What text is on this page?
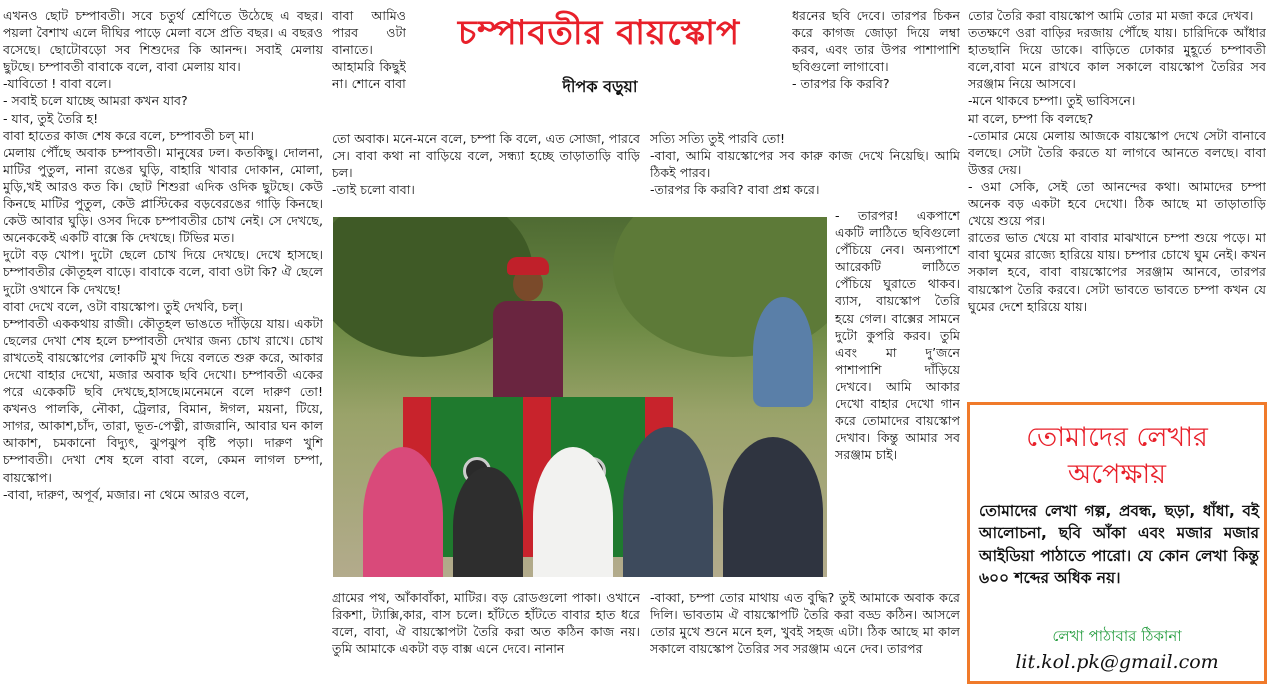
এখনও ছোট চম্পাবতী। সবে চতুর্থ শ্রেণিতে উঠেছে এ বছর। পয়লা বৈশাখ এলে দীঘির পাড়ে মেলা বসে প্রতি বছর। এ বছরও বসেছে। ছোটোবড়ো সব শিশুদের কি আনন্দ। সবাই মেলায় ছুটছে। চম্পাবতী বাবাকে বলে, বাবা মেলায় যাব।

-যাবিতো ! বাবা বলে।

- সবাই চলে যাচ্ছে আমরা কখন যাব?

- যাব, তুই তৈরি হ!

বাবা হাতের কাজ শেষ করে বলে, চম্পাবতী চল্ মা।

মেলায় পৌঁছে অবাক চম্পাবতী। মানুষের ঢল। কতকিছু। দোলনা, মাটির পুতুল, নানা রঙের ঘুড়ি, বাহারি খাবার দোকান, মোলা, মুড়ি,খই আরও কত কি। ছোট শিশুরা এদিক ওদিক ছুটছে। কেউ কিনছে মাটির পুতুল, কেউ প্লাস্টিকের বড়বেরঙের গাড়ি কিনছে। কেউ আবার ঘুড়ি। ওসব দিকে চম্পাবতীর চোখ নেই। সে দেখছে, অনেককেই একটি বাক্সে কি দেখছে। টিভির মত।

দুটো বড় খোপ। দুটো ছেলে চোখ দিয়ে দেখছে। দেখে হাসছে। চম্পাবতীর কৌতূহল বাড়ে। বাবাকে বলে, বাবা ওটা কি? ঐ ছেলে দুটো ওখানে কি দেখছে!

বাবা দেখে বলে, ওটা বায়স্কোপ। তুই দেখবি, চল্।

চম্পাবতী এককথায় রাজী। কৌতূহল ভাঙতে দাঁড়িয়ে যায়। একটা ছেলের দেখা শেষ হলে চম্পাবতী দেখার জন্য চোখ রাখে। চোখ রাখতেই বায়স্কোপের লোকটি মুখ দিয়ে বলতে শুরু করে, আকার দেখো বাহার দেখো, মজার অবাক ছবি দেখো। চম্পাবতী একের পরে একেকটি ছবি দেখছে,হাসছে।মনেমনে বলে দারুণ তো! কখনও পালকি, নৌকা, ট্রেলার, বিমান, ঈগল, ময়না, টিয়ে, সাগর, আকাশ,চাঁদ, তারা, ভূত-পেত্নী, রাজরানি, আবার ঘন কাল আকাশ, চমকানো বিদ্যুৎ, ঝুপঝুপ বৃষ্টি পড়া। দারুণ খুশি চম্পাবতী। দেখা শেষ হলে বাবা বলে, কেমন লাগল চম্পা, বায়স্কোপ।

-বাবা, দারুণ, অপূর্ব, মজার। না থেমে আরও বলে,

বাবা আমিও পারব ওটা বানাতে। আহামরি কিছুই না। শোনে বাবা

চম্পাবতীর বায়স্কোপ
দীপক বড়ুয়া

তো অবাক। মনে-মনে বলে, চম্পা কি বলে, এত সোজা, পারবে সে। বাবা কথা না বাড়িয়ে বলে, সন্ধ্যা হচ্ছে তাড়াতাড়ি বাড়ি চল।

-তাই চলো বাবা।

ধরনের ছবি দেবে। তারপর চিকন করে কাগজ জোড়া দিয়ে লম্বা করব, এবং তার উপর পাশাপাশি ছবিগুলো লাগাবো।

- তারপর কি করবি?

সত্যি সত্যি তুই পারবি তো!

-বাবা, আমি বায়স্কোপের সব কারু কাজ দেখে নিয়েছি। আমি ঠিকই পারব।

-তারপর কি করবি? বাবা প্রশ্ন করে।

- তারপর! একপাশে একটি লাঠিতে ছবিগুলো পেঁচিয়ে নেব। অন্যপাশে আরেকটি লাঠিতে পেঁচিয়ে ঘুরাতে থাকব। ব্যাস, বায়স্কোপ তৈরি হয়ে গেল। বাক্সের সামনে দুটো কুপরি করব। তুমি এবং মা দু’জনে পাশাপাশি দাঁড়িয়ে দেখবে। আমি আকার দেখো বাহার দেখো গান করে তোমাদের বায়স্কোপ দেখাব। কিন্তু আমার সব সরঞ্জাম চাই।

গ্রামের পথ, আঁকাবাঁকা, মাটির। বড় রোডগুলো পাকা। ওখানে রিকশা, ট্যাক্সি,কার, বাস চলে। হাঁটতে হাঁটতে বাবার হাত ধরে বলে, বাবা, ঐ বায়স্কোপটা তৈরি করা অত কঠিন কাজ নয়। তুমি আমাকে একটা বড় বাক্স এনে দেবে। নানান

-বাব্বা, চম্পা তোর মাথায় এত বুদ্ধি? তুই আমাকে অবাক করে দিলি। ভাবতাম ঐ বায়স্কোপটি তৈরি করা বড্ড কঠিন। আসলে তোর মুখে শুনে মনে হল, খুবই সহজ এটা। ঠিক আছে মা কাল সকালে বায়স্কোপ তৈরির সব সরঞ্জাম এনে দেব। তারপর

তোর তৈরি করা বায়স্কোপ আমি তোর মা মজা করে দেখব।

ততক্ষণে ওরা বাড়ির দরজায় পৌঁছে যায়। চারিদিকে আঁধার হাতছানি দিয়ে ডাকে। বাড়িতে ঢোকার মুহূর্তে চম্পাবতী বলে,বাবা মনে রাখবে কাল সকালে বায়স্কোপ তৈরির সব সরঞ্জাম নিয়ে আসবে।

-মনে থাকবে চম্পা। তুই ভাবিসনে।

মা বলে, চম্পা কি বলছে?

-তোমার মেয়ে মেলায় আজকে বায়স্কোপ দেখে সেটা বানাবে বলছে। সেটা তৈরি করতে যা লাগবে আনতে বলছে। বাবা উত্তর দেয়।

- ওমা সেকি, সেই তো আনন্দের কথা। আমাদের চম্পা অনেক বড় একটা হবে দেখো। ঠিক আছে মা তাড়াতাড়ি খেয়ে শুয়ে পর।

রাতের ভাত খেয়ে মা বাবার মাঝখানে চম্পা শুয়ে পড়ে। মা বাবা ঘুমের রাজ্যে হারিয়ে যায়। চম্পার চোখে ঘুম নেই। কখন সকাল হবে, বাবা বায়স্কোপের সরঞ্জাম আনবে, তারপর বায়স্কোপ তৈরি করবে। সেটা ভাবতে ভাবতে চম্পা কখন যে ঘুমের দেশে হারিয়ে যায়।

তোমাদের লেখার অপেক্ষায়
তোমাদের লেখা গল্প, প্রবন্ধ, ছড়া, ধাঁধা, বই আলোচনা, ছবি আঁকা এবং মজার মজার আইডিয়া পাঠাতে পারো। যে কোন লেখা কিন্তু ৬০০ শব্দের অধিক নয়।
লেখা পাঠাবার ঠিকানা
lit.kol.pk@gmail.com
